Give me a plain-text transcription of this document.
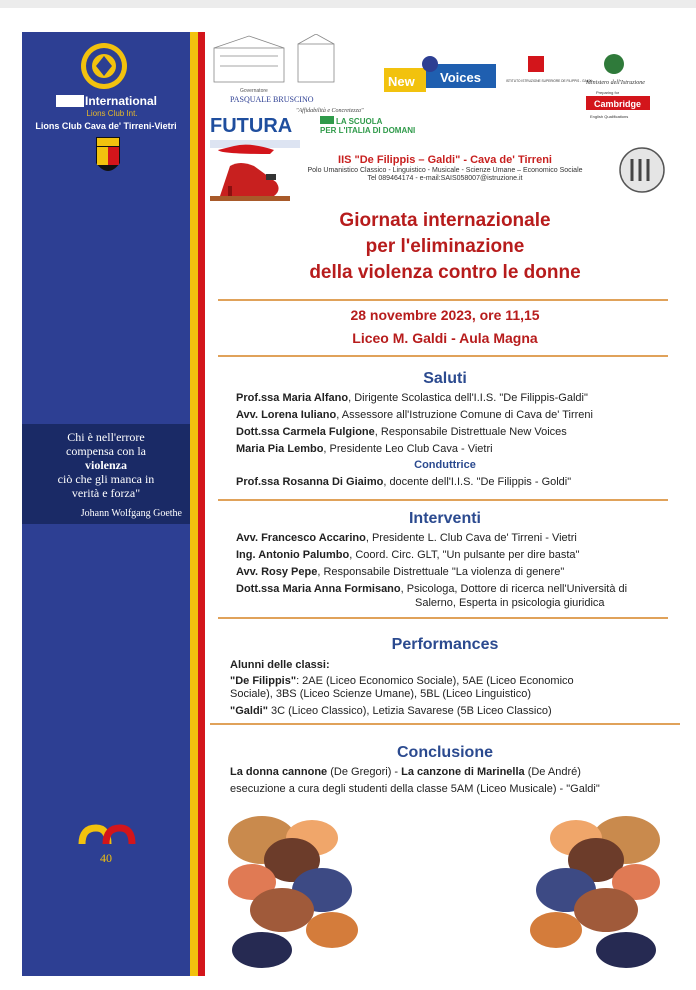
International
Lions Club Int.
Lions Club Cava de' Tirreni-Vietri
Chi è nell'errore
compensa con la
violenza
ciò che gli manca in
verità e forza"
Johann Wolfgang Goethe
40
Governatore
PASQUALE BRUSCINO
"Affidabilità e Concretezza"
New Voices	ISTITUTO ISTRUZIONE SUPERIORE DE FILIPPIS - GALDI
Ministero dell'Istruzione
Preparing for
Cambridge
English Qualifications
FUTURA	LA SCUOLA
PER L'ITALIA DI DOMANI
IIS "De Filippis – Galdi" - Cava de' Tirreni
Polo Umanistico Classico - Linguistico - Musicale - Scienze Umane – Economico Sociale
Tel 089464174 - e-mail:SAIS058007@istruzione.it
Giornata internazionale
per l'eliminazione
della violenza contro le donne
28 novembre 2023, ore 11,15
Liceo M. Galdi - Aula Magna
Saluti
Prof.ssa Maria Alfano, Dirigente Scolastica dell'I.I.S. "De Filippis-Galdi"
Avv. Lorena Iuliano, Assessore all'Istruzione Comune di Cava de' Tirreni
Dott.ssa Carmela Fulgione, Responsabile Distrettuale New Voices
Maria Pia Lembo, Presidente Leo Club Cava - Vietri
Conduttrice
Prof.ssa Rosanna Di Giaimo, docente dell'I.I.S. "De Filippis - Goldi"
Interventi
Avv. Francesco Accarino, Presidente L. Club Cava de' Tirreni - Vietri
Ing. Antonio Palumbo, Coord. Circ. GLT, "Un pulsante per dire basta"
Avv. Rosy Pepe, Responsabile Distrettuale "La violenza di genere"
Dott.ssa Maria Anna Formisano, Psicologa, Dottore di ricerca nell'Università di
Salerno, Esperta in psicologia giuridica
Performances
Alunni delle classi:
"De Filippis": 2AE (Liceo Economico Sociale), 5AE (Liceo Economico
Sociale), 3BS (Liceo Scienze Umane), 5BL (Liceo Linguistico)
"Galdi" 3C (Liceo Classico), Letizia Savarese (5B Liceo Classico)
Conclusione
La donna cannone (De Gregori) - La canzone di Marinella (De André)
esecuzione a cura degli studenti della classe 5AM (Liceo Musicale) - "Galdi"
